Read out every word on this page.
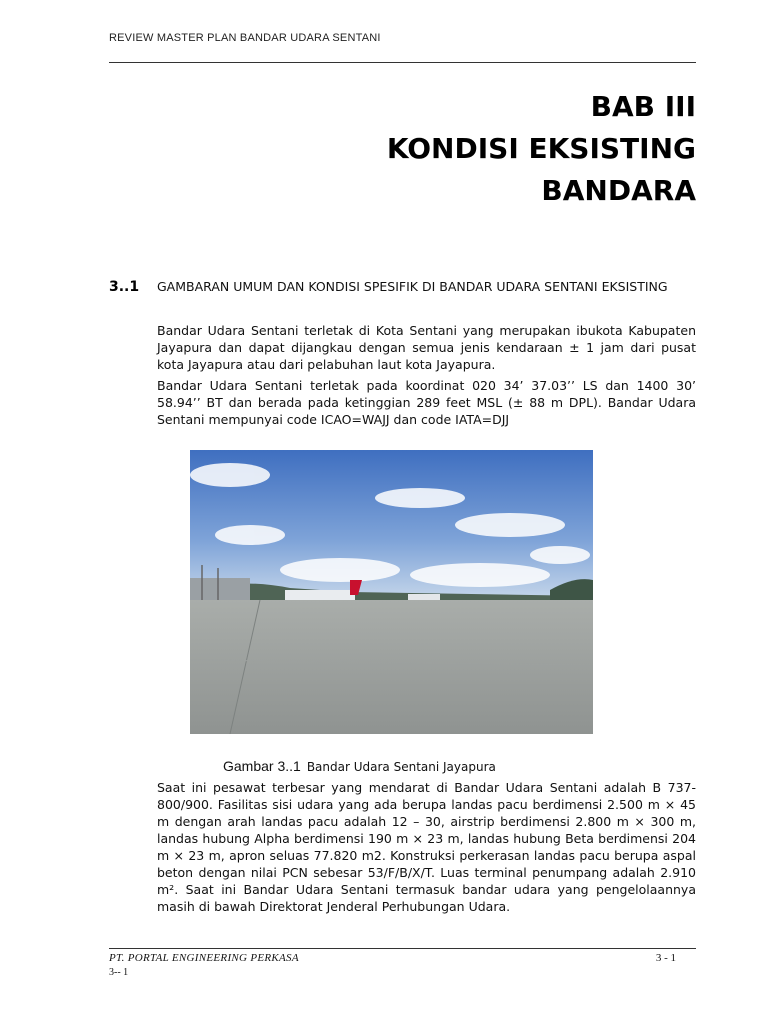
REVIEW MASTER PLAN BANDAR UDARA SENTANI
BAB III
KONDISI EKSISTING
BANDARA
3..1 GAMBARAN UMUM DAN KONDISI SPESIFIK DI BANDAR UDARA SENTANI EKSISTING
Bandar Udara Sentani terletak di Kota Sentani yang merupakan ibukota Kabupaten Jayapura dan dapat dijangkau dengan semua jenis kendaraan ± 1 jam dari pusat kota Jayapura atau dari pelabuhan laut kota Jayapura.
Bandar Udara Sentani terletak pada koordinat 020 34’ 37.03’’ LS dan 1400 30’ 58.94’’ BT dan berada pada ketinggian 289 feet MSL (± 88 m DPL). Bandar Udara Sentani mempunyai code ICAO=WAJJ dan code IATA=DJJ
Gambar 3..1 Bandar Udara Sentani Jayapura
Saat ini pesawat terbesar yang mendarat di Bandar Udara Sentani adalah B 737-800/900. Fasilitas sisi udara yang ada berupa landas pacu berdimensi 2.500 m × 45 m dengan arah landas pacu adalah 12 – 30, airstrip berdimensi 2.800 m × 300 m, landas hubung Alpha berdimensi 190 m × 23 m, landas hubung Beta berdimensi 204 m × 23 m, apron seluas 77.820 m2. Konstruksi perkerasan landas pacu berupa aspal beton dengan nilai PCN sebesar 53/F/B/X/T. Luas terminal penumpang adalah 2.910 m². Saat ini Bandar Udara Sentani termasuk bandar udara yang pengelolaannya masih di bawah Direktorat Jenderal Perhubungan Udara.
PT. PORTAL ENGINEERING PERKASA	3 - 1
3-- 1
